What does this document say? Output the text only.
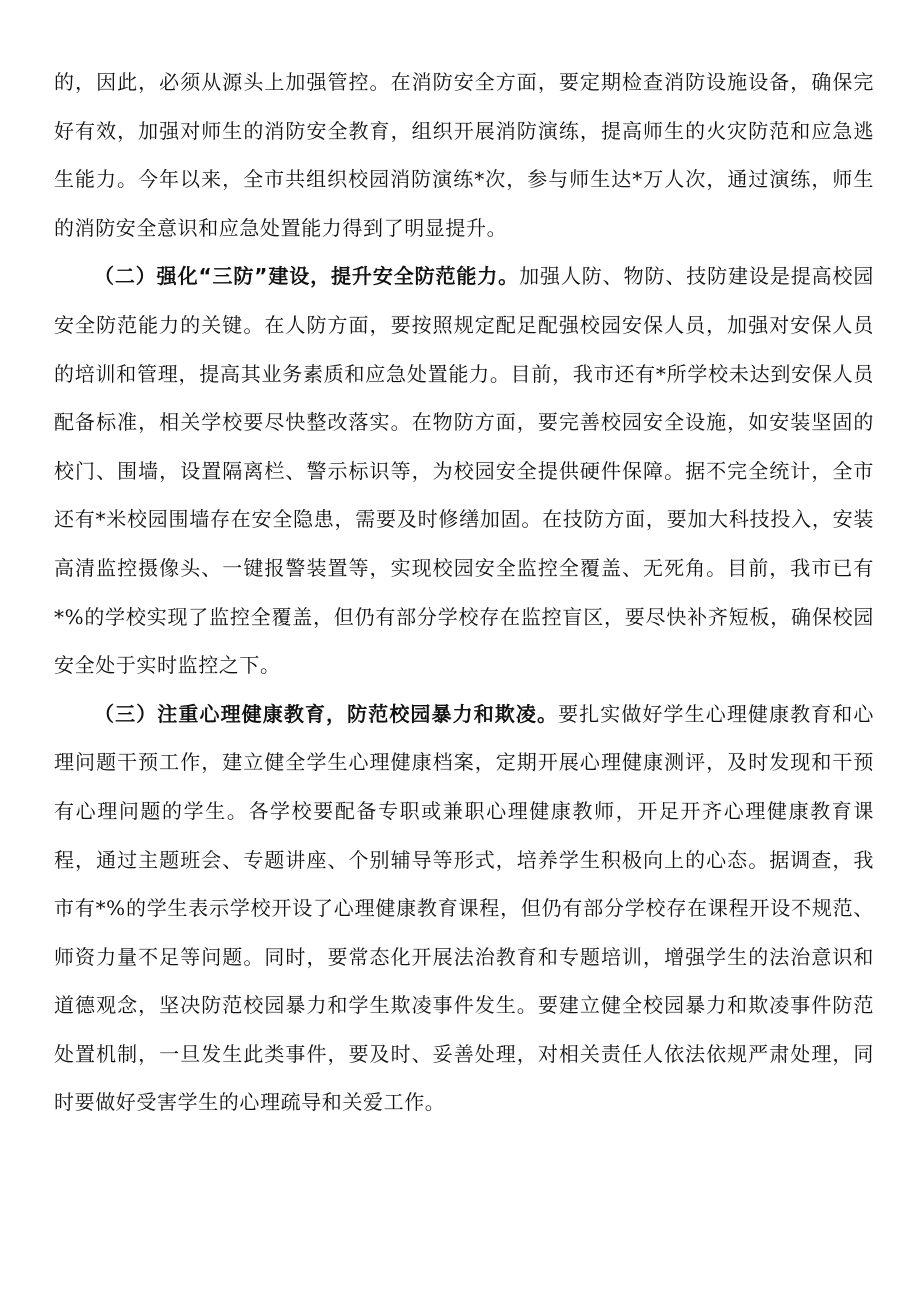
的，因此，必须从源头上加强管控。在消防安全方面，要定期检查消防设施设备，确保完好有效，加强对师生的消防安全教育，组织开展消防演练，提高师生的火灾防范和应急逃生能力。今年以来，全市共组织校园消防演练*次，参与师生达*万人次，通过演练，师生的消防安全意识和应急处置能力得到了明显提升。

（二）强化“三防”建设，提升安全防范能力。加强人防、物防、技防建设是提高校园安全防范能力的关键。在人防方面，要按照规定配足配强校园安保人员，加强对安保人员的培训和管理，提高其业务素质和应急处置能力。目前，我市还有*所学校未达到安保人员配备标准，相关学校要尽快整改落实。在物防方面，要完善校园安全设施，如安装坚固的校门、围墙，设置隔离栏、警示标识等，为校园安全提供硬件保障。据不完全统计，全市还有*米校园围墙存在安全隐患，需要及时修缮加固。在技防方面，要加大科技投入，安装高清监控摄像头、一键报警装置等，实现校园安全监控全覆盖、无死角。目前，我市已有*%的学校实现了监控全覆盖，但仍有部分学校存在监控盲区，要尽快补齐短板，确保校园安全处于实时监控之下。

（三）注重心理健康教育，防范校园暴力和欺凌。要扎实做好学生心理健康教育和心理问题干预工作，建立健全学生心理健康档案，定期开展心理健康测评，及时发现和干预有心理问题的学生。各学校要配备专职或兼职心理健康教师，开足开齐心理健康教育课程，通过主题班会、专题讲座、个别辅导等形式，培养学生积极向上的心态。据调查，我市有*%的学生表示学校开设了心理健康教育课程，但仍有部分学校存在课程开设不规范、师资力量不足等问题。同时，要常态化开展法治教育和专题培训，增强学生的法治意识和道德观念，坚决防范校园暴力和学生欺凌事件发生。要建立健全校园暴力和欺凌事件防范处置机制，一旦发生此类事件，要及时、妥善处理，对相关责任人依法依规严肃处理，同时要做好受害学生的心理疏导和关爱工作。
